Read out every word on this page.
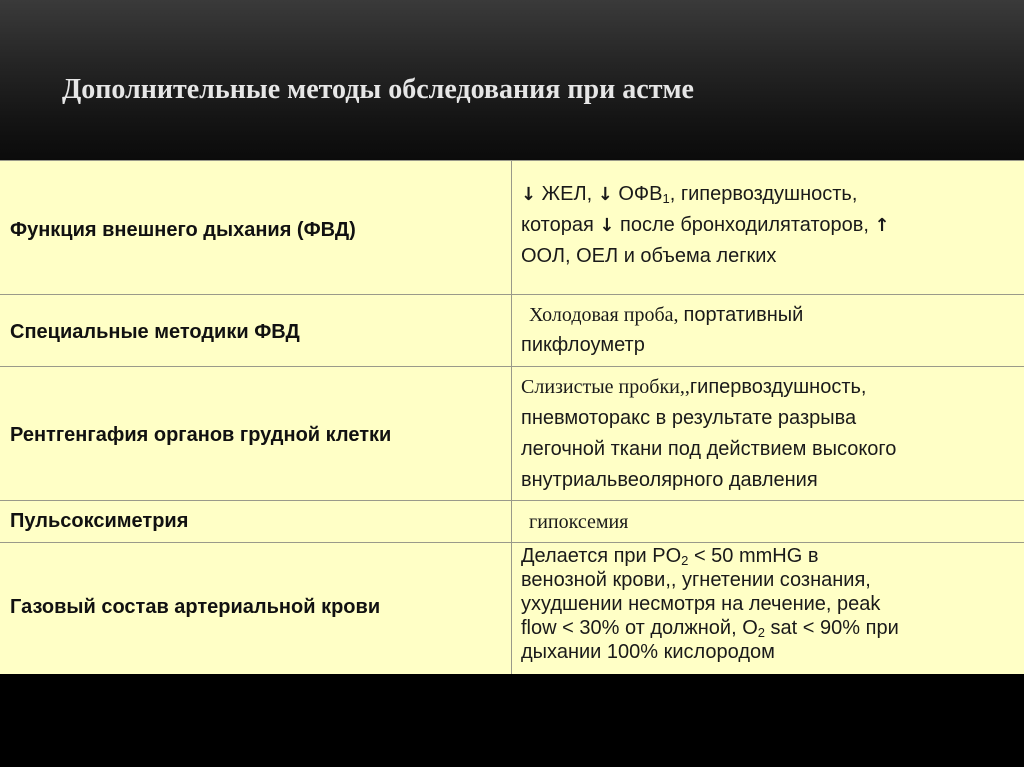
Дополнительные методы обследования при астме
Функция внешнего дыхания (ФВД)
↓ ЖЕЛ, ↓ $ОФВ_1$, гипервоздушность,
которая ↓ после бронходилятаторов, ↑
ООЛ, ОЕЛ и объема легких
Специальные методики ФВД
Холодовая проба, портативный
пикфлоуметр
Рентгенгафия органов грудной клетки
Слизистые пробки,,гипервоздушность,
пневмоторакс в результате разрыва
легочной ткани под действием высокого
внутриальвеолярного давления
Пульсоксиметрия	гипоксемия
Газовый состав артериальной крови
Делается при $PO_2 < 50$ mmHG в
венозной крови,, угнетении сознания,
ухудшении несмотря на лечение, peak
flow < 30% от должной, $O_2$ sat < 90% при
дыхании 100% кислородом
